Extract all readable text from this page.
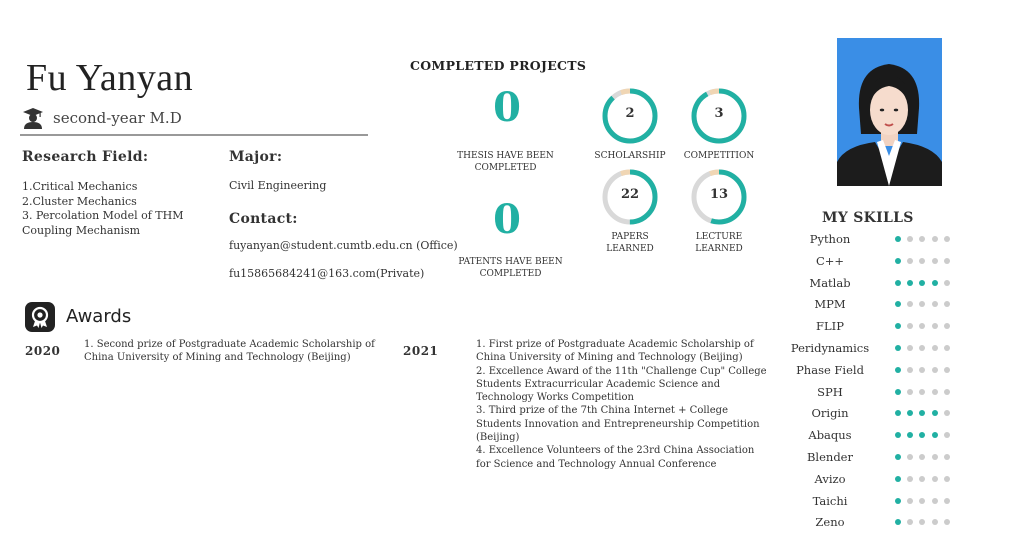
Fu Yanyan
second-year M.D
Research Field:
1.Critical Mechanics
2.Cluster Mechanics
3. Percolation Model of THM
Coupling Mechanism
Major:
Civil Engineering
Contact:
fuyanyan@student.cumtb.edu.cn (Office)
fu15865684241@163.com(Private)
COMPLETED PROJECTS
0
THESIS HAVE BEEN
COMPLETED
0
PATENTS HAVE BEEN
COMPLETED
2
SCHOLARSHIP
3
COMPETITION
22
PAPERS
LEARNED
13
LECTURE
LEARNED
MY SKILLS
Python
C++
Matlab
MPM
FLIP
Peridynamics
Phase Field
SPH
Origin
Abaqus
Blender
Avizo
Taichi
Zeno
Awards
2020 1. Second prize of Postgraduate Academic Scholarship of
China University of Mining and Technology (Beijing)	2021	1. First prize of Postgraduate Academic Scholarship of
China University of Mining and Technology (Beijing)
2. Excellence Award of the 11th "Challenge Cup" College
Students Extracurricular Academic Science and
Technology Works Competition
3. Third prize of the 7th China Internet + College
Students Innovation and Entrepreneurship Competition
(Beijing)
4. Excellence Volunteers of the 23rd China Association
for Science and Technology Annual Conference
